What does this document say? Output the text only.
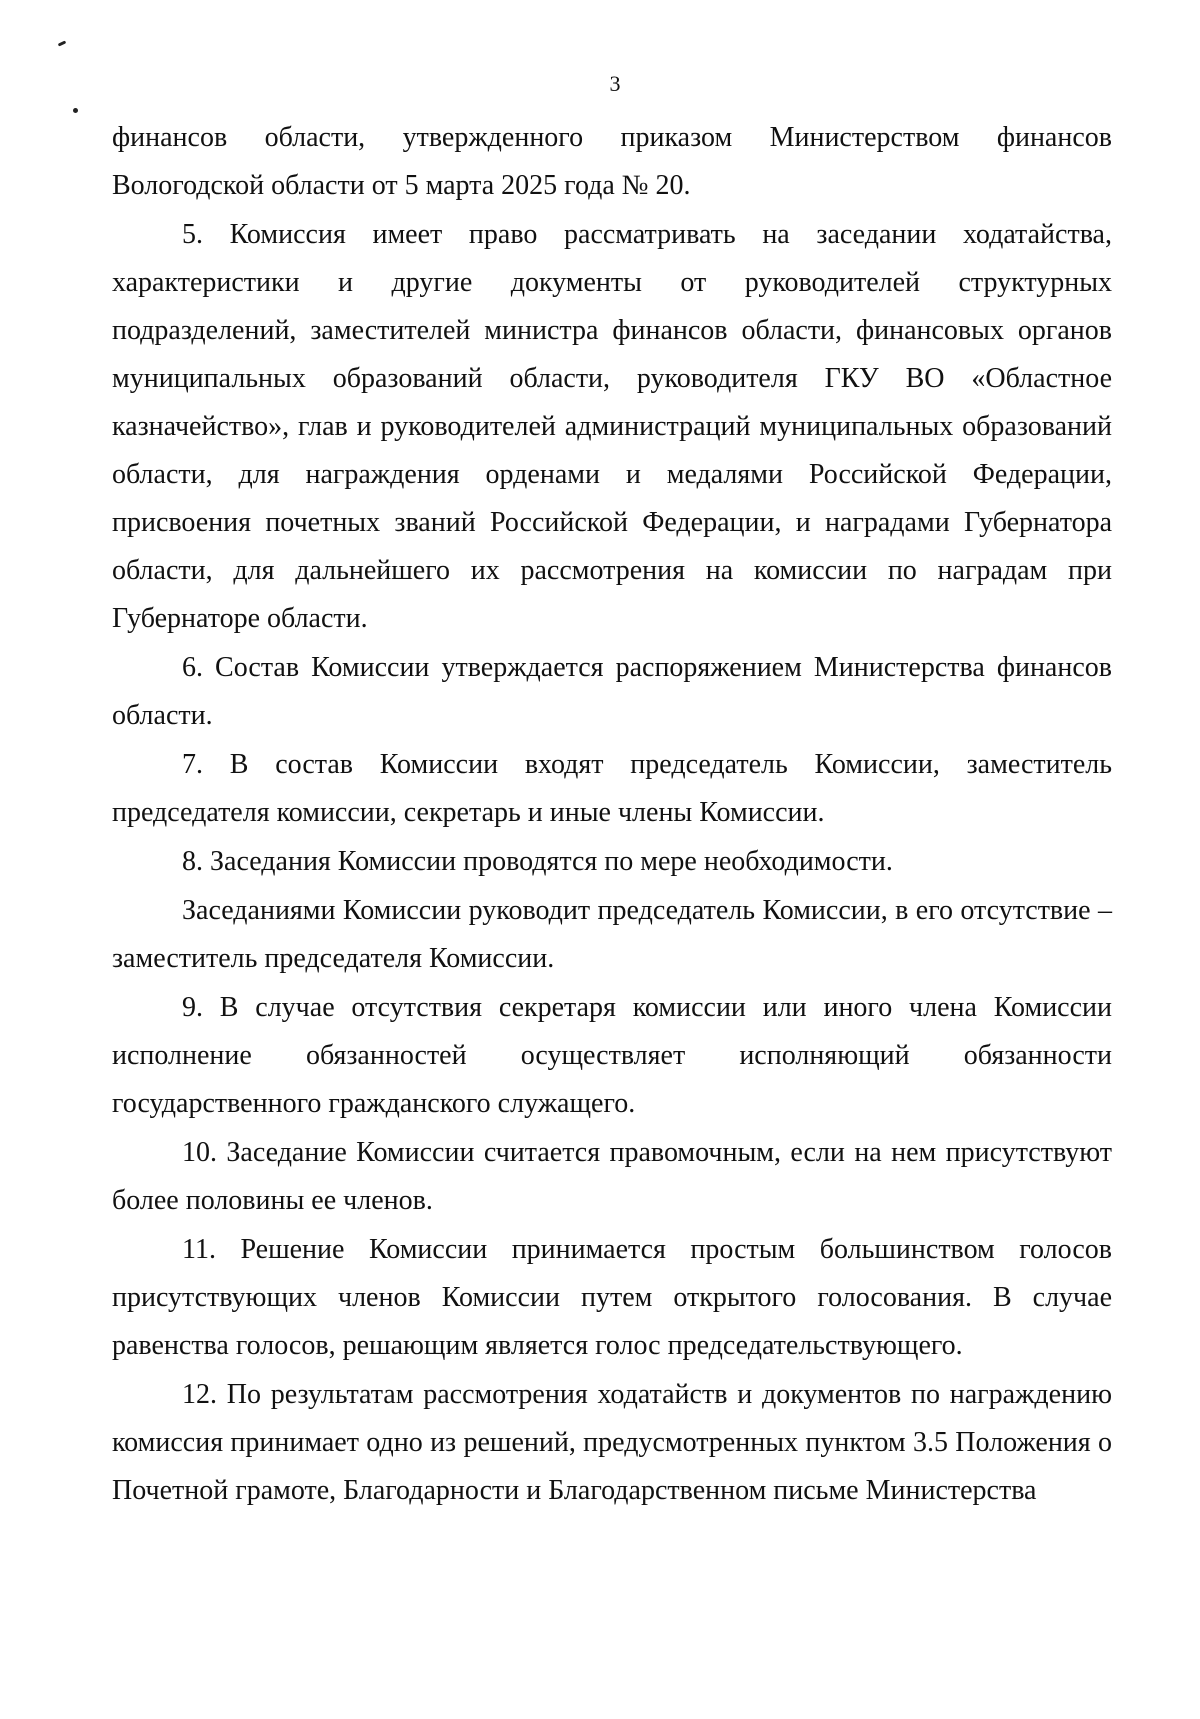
3

финансов области, утвержденного приказом Министерством финансов Вологодской области от 5 марта 2025 года № 20.

5. Комиссия имеет право рассматривать на заседании ходатайства, характеристики и другие документы от руководителей структурных подразделений, заместителей министра финансов области, финансовых органов муниципальных образований области, руководителя ГКУ ВО «Областное казначейство», глав и руководителей администраций муниципальных образований области, для награждения орденами и медалями Российской Федерации, присвоения почетных званий Российской Федерации, и наградами Губернатора области, для дальнейшего их рассмотрения на комиссии по наградам при Губернаторе области.

6. Состав Комиссии утверждается распоряжением Министерства финансов области.

7. В состав Комиссии входят председатель Комиссии, заместитель председателя комиссии, секретарь и иные члены Комиссии.

8. Заседания Комиссии проводятся по мере необходимости.

Заседаниями Комиссии руководит председатель Комиссии, в его отсутствие – заместитель председателя Комиссии.

9. В случае отсутствия секретаря комиссии или иного члена Комиссии исполнение обязанностей осуществляет исполняющий обязанности государственного гражданского служащего.

10. Заседание Комиссии считается правомочным, если на нем присутствуют более половины ее членов.

11. Решение Комиссии принимается простым большинством голосов присутствующих членов Комиссии путем открытого голосования. В случае равенства голосов, решающим является голос председательствующего.

12. По результатам рассмотрения ходатайств и документов по награждению комиссия принимает одно из решений, предусмотренных пунктом 3.5 Положения о Почетной грамоте, Благодарности и Благодарственном письме Министерства
